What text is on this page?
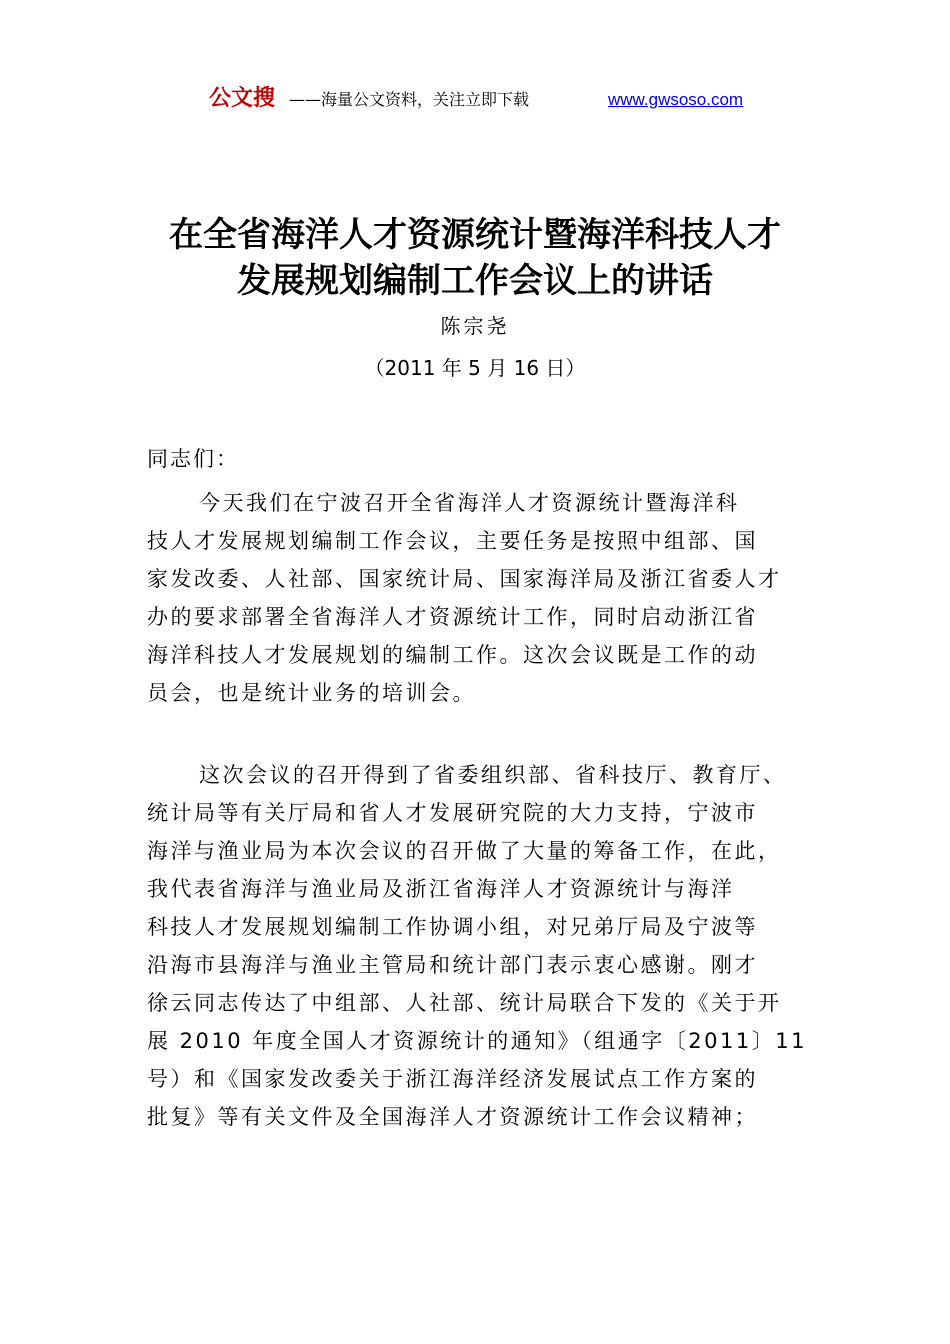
公文搜 ——海量公文资料，关注立即下载	www.gwsoso.com
在全省海洋人才资源统计暨海洋科技人才
发展规划编制工作会议上的讲话
陈宗尧
（2011 年 5 月 16 日）
同志们：
今天我们在宁波召开全省海洋人才资源统计暨海洋科
技人才发展规划编制工作会议，主要任务是按照中组部、国
家发改委、人社部、国家统计局、国家海洋局及浙江省委人才
办的要求部署全省海洋人才资源统计工作，同时启动浙江省
海洋科技人才发展规划的编制工作。这次会议既是工作的动
员会，也是统计业务的培训会。
这次会议的召开得到了省委组织部、省科技厅、教育厅、
统计局等有关厅局和省人才发展研究院的大力支持，宁波市
海洋与渔业局为本次会议的召开做了大量的筹备工作，在此，
我代表省海洋与渔业局及浙江省海洋人才资源统计与海洋
科技人才发展规划编制工作协调小组，对兄弟厅局及宁波等
沿海市县海洋与渔业主管局和统计部门表示衷心感谢。刚才
徐云同志传达了中组部、人社部、统计局联合下发的《关于开
展 2010 年度全国人才资源统计的通知》（组通字〔2011〕11
号）和《国家发改委关于浙江海洋经济发展试点工作方案的
批复》等有关文件及全国海洋人才资源统计工作会议精神；
